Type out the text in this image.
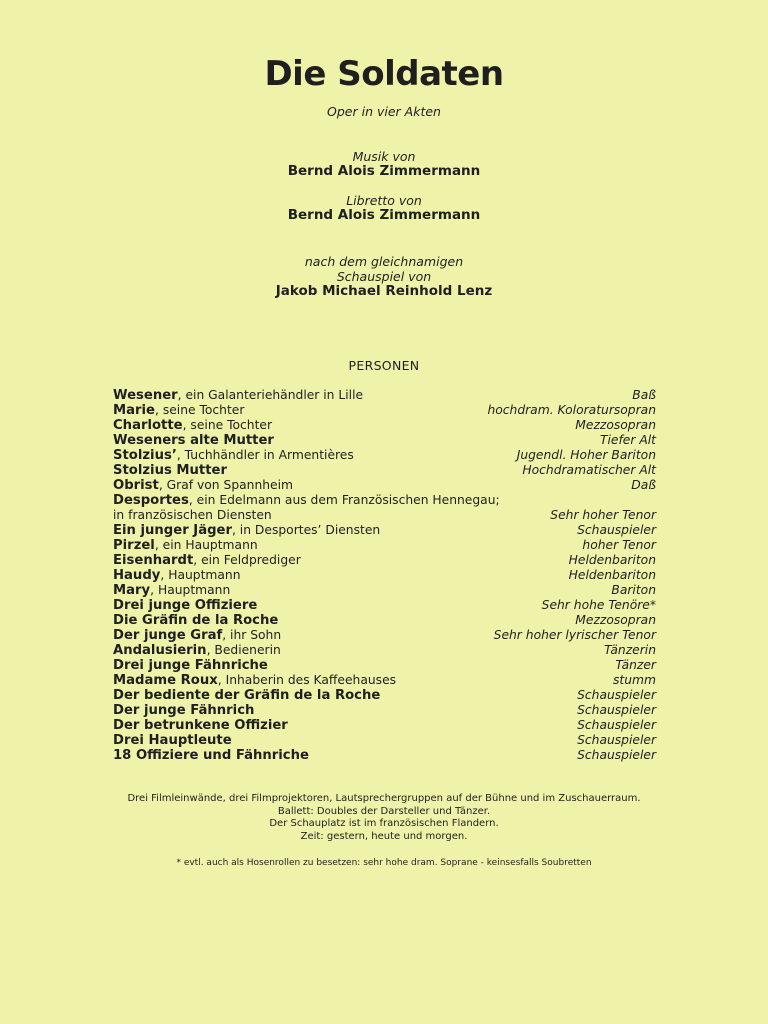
Die Soldaten
Oper in vier Akten
Musik von
Bernd Alois Zimmermann
Libretto von
Bernd Alois Zimmermann
nach dem gleichnamigen
Schauspiel von
Jakob Michael Reinhold Lenz
PERSONEN
Wesener, ein Galanteriehändler in Lille	Baß
Marie, seine Tochter	hochdram. Koloratursopran
Charlotte, seine Tochter	Mezzosopran
Weseners alte Mutter	Tiefer Alt
Stolzius’, Tuchhändler in Armentières	Jugendl. Hoher Bariton
Stolzius Mutter	Hochdramatischer Alt
Obrist, Graf von Spannheim	Daß
Desportes, ein Edelmann aus dem Französischen Hennegau;
in französischen Diensten	Sehr hoher Tenor
Ein junger Jäger, in Desportes’ Diensten	Schauspieler
Pirzel, ein Hauptmann	hoher Tenor
Eisenhardt, ein Feldprediger	Heldenbariton
Haudy, Hauptmann	Heldenbariton
Mary, Hauptmann	Bariton
Drei junge Offiziere	Sehr hohe Tenöre*
Die Gräfin de la Roche	Mezzosopran
Der junge Graf, ihr Sohn	Sehr hoher lyrischer Tenor
Andalusierin, Bedienerin	Tänzerin
Drei junge Fähnriche	Tänzer
Madame Roux, Inhaberin des Kaffeehauses	stumm
Der bediente der Gräfin de la Roche	Schauspieler
Der junge Fähnrich	Schauspieler
Der betrunkene Offizier	Schauspieler
Drei Hauptleute	Schauspieler
18 Offiziere und Fähnriche	Schauspieler
Drei Filmleinwände, drei Filmprojektoren, Lautsprechergruppen auf der Bühne und im Zuschauerraum.
Ballett: Doubles der Darsteller und Tänzer.
Der Schauplatz ist im französischen Flandern.
Zeit: gestern, heute und morgen.
* evtl. auch als Hosenrollen zu besetzen: sehr hohe dram. Soprane - keinsesfalls Soubretten
